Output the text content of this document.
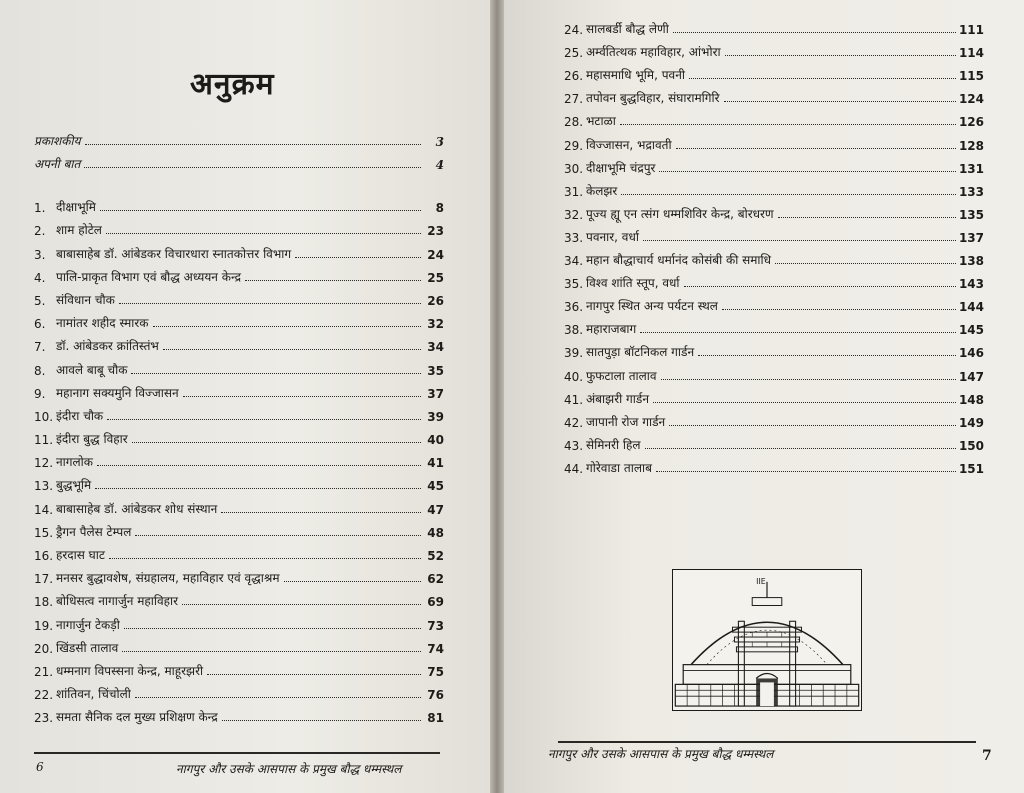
अनुक्रम
प्रकाशकीय	3
अपनी बात	4
1. दीक्षाभूमि	8
2. शाम होटेल	23
3. बाबासाहेब डॉ. आंबेडकर विचारधारा स्नातकोत्तर विभाग	24
4. पालि-प्राकृत विभाग एवं बौद्ध अध्ययन केन्द्र	25
5. संविधान चौक	26
6. नामांतर शहीद स्मारक	32
7. डॉ. आंबेडकर क्रांतिस्तंभ	34
8. आवले बाबू चौक	35
9. महानाग सक्यमुनि विज्जासन	37
10. इंदीरा चौक	39
11. इंदीरा बुद्ध विहार	40
12. नागलोक	41
13. बुद्धभूमि	45
14. बाबासाहेब डॉ. आंबेडकर शोध संस्थान	47
15. ड्रैगन पैलेस टेम्पल	48
16. हरदास घाट	52
17. मनसर बुद्धावशेष, संग्रहालय, महाविहार एवं वृद्धाश्रम	62
18. बोधिसत्व नागार्जुन महाविहार	69
19. नागार्जुन टेकड़ी	73
20. खिंडसी तालाव	74
21. धम्मनाग विपस्सना केन्द्र, माहूरझरी	75
22. शांतिवन, चिंचोली	76
23. समता सैनिक दल मुख्य प्रशिक्षण केन्द्र	81
6	नागपुर और उसके आसपास के प्रमुख बौद्ध धम्मस्थल
24. सालबर्डी बौद्ध लेणी	111
25. अर्म्वतित्थक महाविहार, आंभोरा	114
26. महासमाधि भूमि, पवनी	115
27. तपोवन बुद्धविहार, संघारामगिरि	124
28. भटाळा	126
29. विज्जासन, भद्रावती	128
30. दीक्षाभूमि चंद्रपुर	131
31. केलझर	133
32. पूज्य ह्यू एन त्संग धम्मशिविर केन्द्र, बोरधरण	135
33. पवनार, वर्धा	137
34. महान बौद्धाचार्य धर्मानंद कोसंबी की समाधि	138
35. विश्व शांति स्तूप, वर्धा	143
36. नागपुर स्थित अन्य पर्यटन स्थल	144
38. महाराजबाग	145
39. सातपुड़ा बॉटनिकल गार्डन	146
40. फुफटाला तालाव	147
41. अंबाझरी गार्डन	148
42. जापानी रोज गार्डन	149
43. सेमिनरी हिल	150
44. गोरेवाडा तालाब	151
IIE
नागपुर और उसके आसपास के प्रमुख बौद्ध धम्मस्थल	7
